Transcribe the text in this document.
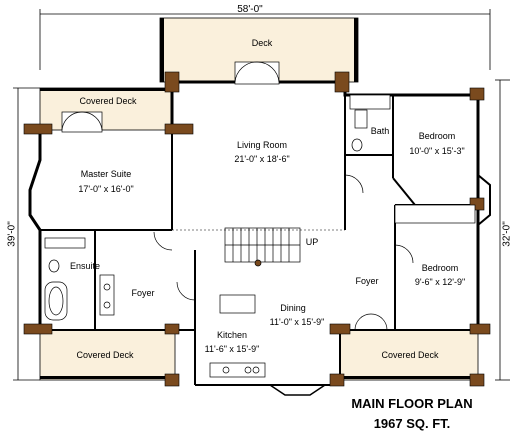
58'-0"
39'-0"	32'-0"
Deck
Covered Deck
Living Room
21'-0" x 18'-6"
Bath	Bedroom
10'-0" x 15'-3"
Master Suite
17'-0" x 16'-0"
Ensuite
Foyer
UP
Bedroom
9'-6" x 12'-9"
Foyer
Dining
11'-0" x 15'-9"
Kitchen
11'-6" x 15'-9"
Covered Deck	Covered Deck
MAIN FLOOR PLAN
1967 SQ. FT.
